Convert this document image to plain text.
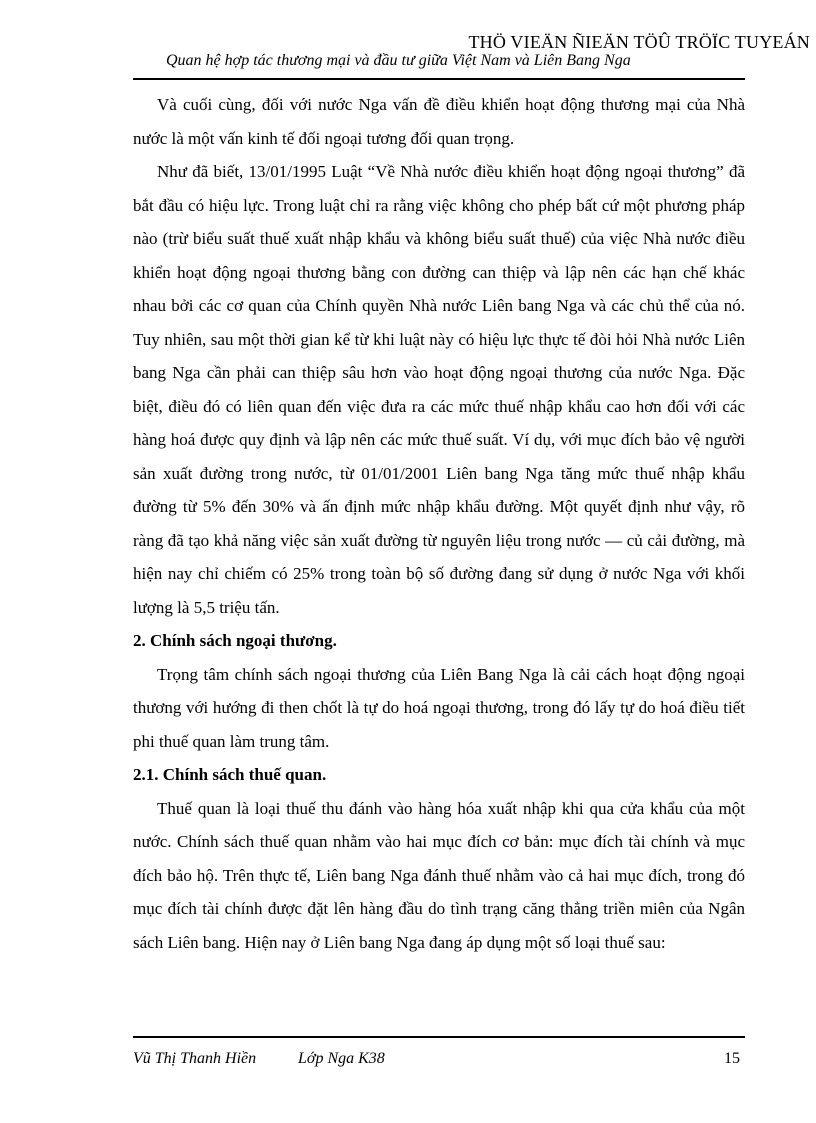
THÖ VIEÄN ÑIEÄN TÖÛ TRÖÏC TUYEÁN
Quan hệ hợp tác thương mại và đầu tư giữa Việt Nam và Liên Bang Nga

Và cuối cùng, đối với nước Nga vấn đề điều khiển hoạt động thương mại của Nhà nước là một vấn kinh tế đối ngoại tương đối quan trọng.

Như đã biết, 13/01/1995 Luật “Về Nhà nước điều khiển hoạt động ngoại thương” đã bắt đầu có hiệu lực. Trong luật chỉ ra rằng việc không cho phép bất cứ một phương pháp nào (trừ biểu suất thuế xuất nhập khẩu và không biểu suất thuế) của việc Nhà nước điều khiển hoạt động ngoại thương bằng con đường can thiệp và lập nên các hạn chế khác nhau bởi các cơ quan của Chính quyền Nhà nước Liên bang Nga và các chủ thể của nó. Tuy nhiên, sau một thời gian kể từ khi luật này có hiệu lực thực tế đòi hỏi Nhà nước Liên bang Nga cần phải can thiệp sâu hơn vào hoạt động ngoại thương của nước Nga. Đặc biệt, điều đó có liên quan đến việc đưa ra các mức thuế nhập khẩu cao hơn đối với các hàng hoá được quy định và lập nên các mức thuế suất. Ví dụ, với mục đích bảo vệ người sản xuất đường trong nước, từ 01/01/2001 Liên bang Nga tăng mức thuế nhập khẩu đường từ 5% đến 30% và ấn định mức nhập khẩu đường. Một quyết định như vậy, rõ ràng đã tạo khả năng việc sản xuất đường từ nguyên liệu trong nước — củ cải đường, mà hiện nay chỉ chiếm có 25% trong toàn bộ số đường đang sử dụng ở nước Nga với khối lượng là 5,5 triệu tấn.

2. Chính sách ngoại thương.

Trọng tâm chính sách ngoại thương của Liên Bang Nga là cải cách hoạt động ngoại thương với hướng đi then chốt là tự do hoá ngoại thương, trong đó lấy tự do hoá điều tiết phi thuế quan làm trung tâm.

2.1. Chính sách thuế quan.

Thuế quan là loại thuế thu đánh vào hàng hóa xuất nhập khi qua cửa khẩu của một nước. Chính sách thuế quan nhằm vào hai mục đích cơ bản: mục đích tài chính và mục đích bảo hộ. Trên thực tế, Liên bang Nga đánh thuế nhằm vào cả hai mục đích, trong đó mục đích tài chính được đặt lên hàng đầu do tình trạng căng thẳng triền miên của Ngân sách Liên bang. Hiện nay ở Liên bang Nga đang áp dụng một số loại thuế sau:

Vũ Thị Thanh Hiền	Lớp Nga K38	15
